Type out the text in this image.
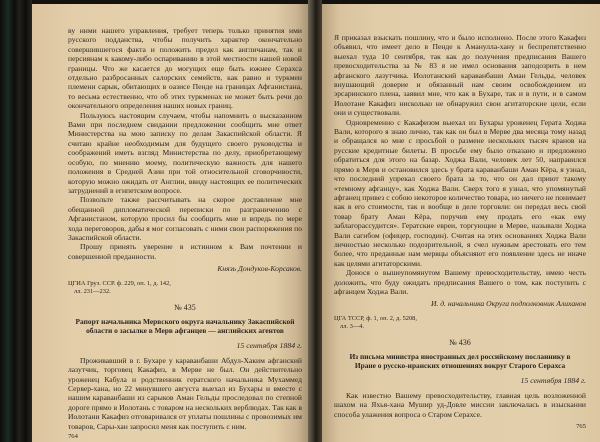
ву ними нашего управления, требует теперь только принятия ими русского подданства, чтобы получить характер окончательно совершившегося факта и положить предел как англичанам, так и персиянам к какому-либо оспариванию в этой местности нашей новой границы. Что же касается до могущих еще быть южнее Серахса отдельно разбросанных салорских семейств, как равно и туркмен племени сарык, обитающих в оазисе Пенде на границах Афганистана, то весьма естественно, что об этих туркменах не может быть речи до окончательного определения наших новых границ.

Пользуюсь настоящим случаем, чтобы напомнить о высказанном Вами при последнем свидании предложении сообщить мне ответ Министерства на мою записку по делам Закаспийской области. Я считаю крайне необходимым для будущего своего руководства и соображений иметь взгляд Министерства по делу, приобретающему особую, по мнению моему, политическую важность для нашего положения в Средней Азии при той относительной сговорчивости, которую можно ожидать от Англии, ввиду настоящих ее политических затруднений в египетском вопросе.

Позвольте также рассчитывать на скорое доставление мне обещанной дипломатической переписки по разграничению с Афганистаном, которую просил бы сообщить мне и впредь по мере хода переговоров, дабы я мог согласовать с ними свои распоряжения по Закаспийской области.

Прошу принять уверение в истинном к Вам почтении и совершенной преданности.

Князь Дондуков-Корсаков.

ЦГИА Груз. ССР. ф. 229, оп. 1, д. 142,
лл. 231—232.
№ 435
Рапорт начальника Мервского округа начальнику Закаспийской области о засылке в Мерв афганцев — английских агентов
15 сентября 1884 г.

Проживавший в г. Бухаре у караванбаши Абдул-Хаким афганский лазутчик, торговец Какафиз, в Мерве не был. Он действительно уроженец Кабула и родственник гератского начальника Мухаммед Сервер-хана, но 22 минувшего августа выехал из Бухары и вместе с нашим караванбаши из сарыков Аман Гельды проследовал по степной дороге прямо в Иолотань с товаром на нескольких верблюдах. Так как в Иолотани Какафиз отговаривался от уплаты пошлины с провозимых им товаров, Сары-хан запросил меня как поступить с ним.

764

Я приказал взыскать пошлину, что и было исполнено. После этого Какафиз объявил, что имеет дело в Пенде к Аманулла-хану и беспрепятственно выехал туда 10 сентября, так как до получения предписания Вашего превосходительства за № 83 я не имел основания заподозрить в нем афганского лазутчика. Иолотанский караванбаши Аман Гельды, человек внушающий доверие и обязанный нам своим освобождением из эрсаринского плена, заявил мне, что как в Бухаре, так и в пути, и в самом Иолотане Какафиз нисколько не обнаружил свои агитаторские цели, если они и существовали.

Одновременно с Какафизом выехал из Бухары уроженец Герата Ходжа Вали, которого я знаю лично, так как он был в Мерве два месяца тому назад и обращался ко мне с просьбой о размене нескольких тысяч кранов на русские кредитные билеты. В просьбе ему было отказано и предложено обратиться для этого на базар. Ходжа Вали, человек лет 50, направился прямо в Мерв и остановился здесь у брата караванбаши Аман Кёра, я узнал, что последний упрекал своего брата за то, что он дал приют такому «темному афганцу», как Ходжа Вали. Сверх того я узнал, что упомянутый афганец привез с собою некоторое количество товара, но ничего не понимает как в его стоимости, так и вообще в деле торговли: он передал весь свой товар брату Аман Кёра, поручив ему продать его «как ему заблагорассудится». Гератские евреи, торгующие в Мерве, называли Ходжа Вали сагибом (офицер, господин). Считая на этих основаниях Ходжа Вали личностью несколько подозрительной, я счел нужным арестовать его тем более, что преданные нам мервцы объясняют его появление здесь не иначе как целями агитаторскими.

Донося о вышеупомянутом Вашему превосходительству, имею честь доложить, что буду ожидать предписания Вашего о том, как поступить с афганцем Ходжа Вали.

И. д. начальника Округа подполковник Алиханов

ЦГА ТССР, ф. 1, оп. 2, д. 5208,
лл. 3—4.
№ 436
Из письма министра иностранных дел российскому посланнику в Иране о русско-иранских отношениях вокруг Старого Серахса
15 сентября 1884 г.

Как известно Вашему превосходительству, главная цель возложенной шахом на Яхья-хана Мушир уд-Довле миссии заключалась в изыскании способа улажения вопроса о Старом Серахсе.

765
